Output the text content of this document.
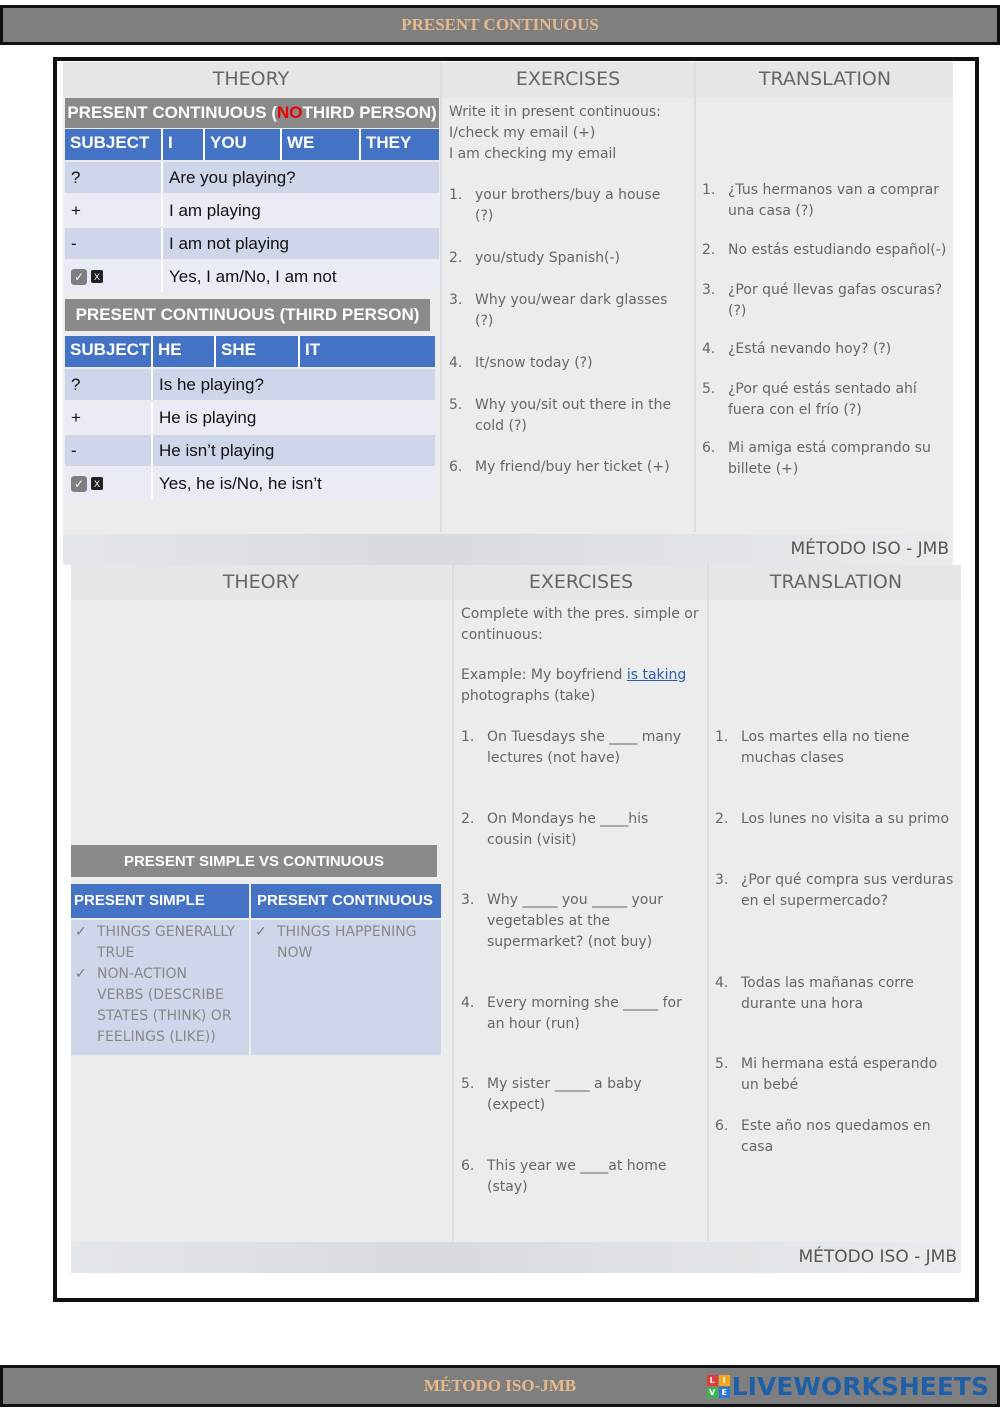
PRESENT CONTINUOUS
THEORY	EXERCISES	TRANSLATION
PRESENT CONTINUOUS ( NO THIRD PERSON)
SUBJECT	I	YOU	WE	THEY
?	Are you playing?
+	I am playing
-	I am not playing
✓	X	Yes, I am/No, I am not
PRESENT CONTINUOUS (THIRD PERSON)
SUBJECT HE	SHE	IT
?	Is he playing?
+	He is playing
-	He isn’t playing
✓	X	Yes, he is/No, he isn’t
Write it in present continuous:
I/check my email (+)
I am checking my email
1. your brothers/buy a house
(?)
2. you/study Spanish(-)
3. Why you/wear dark glasses
(?)
4. It/snow today (?)
5. Why you/sit out there in the
cold (?)
6. My friend/buy her ticket (+)
1. ¿Tus hermanos van a comprar
una casa (?)
2. No estás estudiando español(-)
3. ¿Por qué llevas gafas oscuras?
(?)
4. ¿Está nevando hoy? (?)
5. ¿Por qué estás sentado ahí
fuera con el frío (?)
6. Mi amiga está comprando su
billete (+)
MÉTODO ISO - JMB
THEORY	EXERCISES	TRANSLATION
PRESENT SIMPLE VS CONTINUOUS
PRESENT SIMPLE	PRESENT CONTINUOUS
✓ THINGS GENERALLY
TRUE
✓ NON-ACTION
VERBS (DESCRIBE
STATES (THINK) OR
FEELINGS (LIKE))
✓ THINGS HAPPENING
NOW
Complete with the pres. simple or
continuous:
Example: My boyfriend is taking
photographs (take)
1. On Tuesdays she ____ many
lectures (not have)
2. On Mondays he ____his
cousin (visit)
3. Why _____ you _____ your
vegetables at the
supermarket? (not buy)
4. Every morning she _____ for
an hour (run)
5. My sister _____ a baby
(expect)
6. This year we ____at home
(stay)
1. Los martes ella no tiene
muchas clases
2. Los lunes no visita a su primo
3. ¿Por qué compra sus verduras
en el supermercado?
4. Todas las mañanas corre
durante una hora
5. Mi hermana está esperando
un bebé
6. Este año nos quedamos en
casa
MÉTODO ISO - JMB
MÉTODO ISO-JMB	L I
V E LIVEWORKSHEETS
